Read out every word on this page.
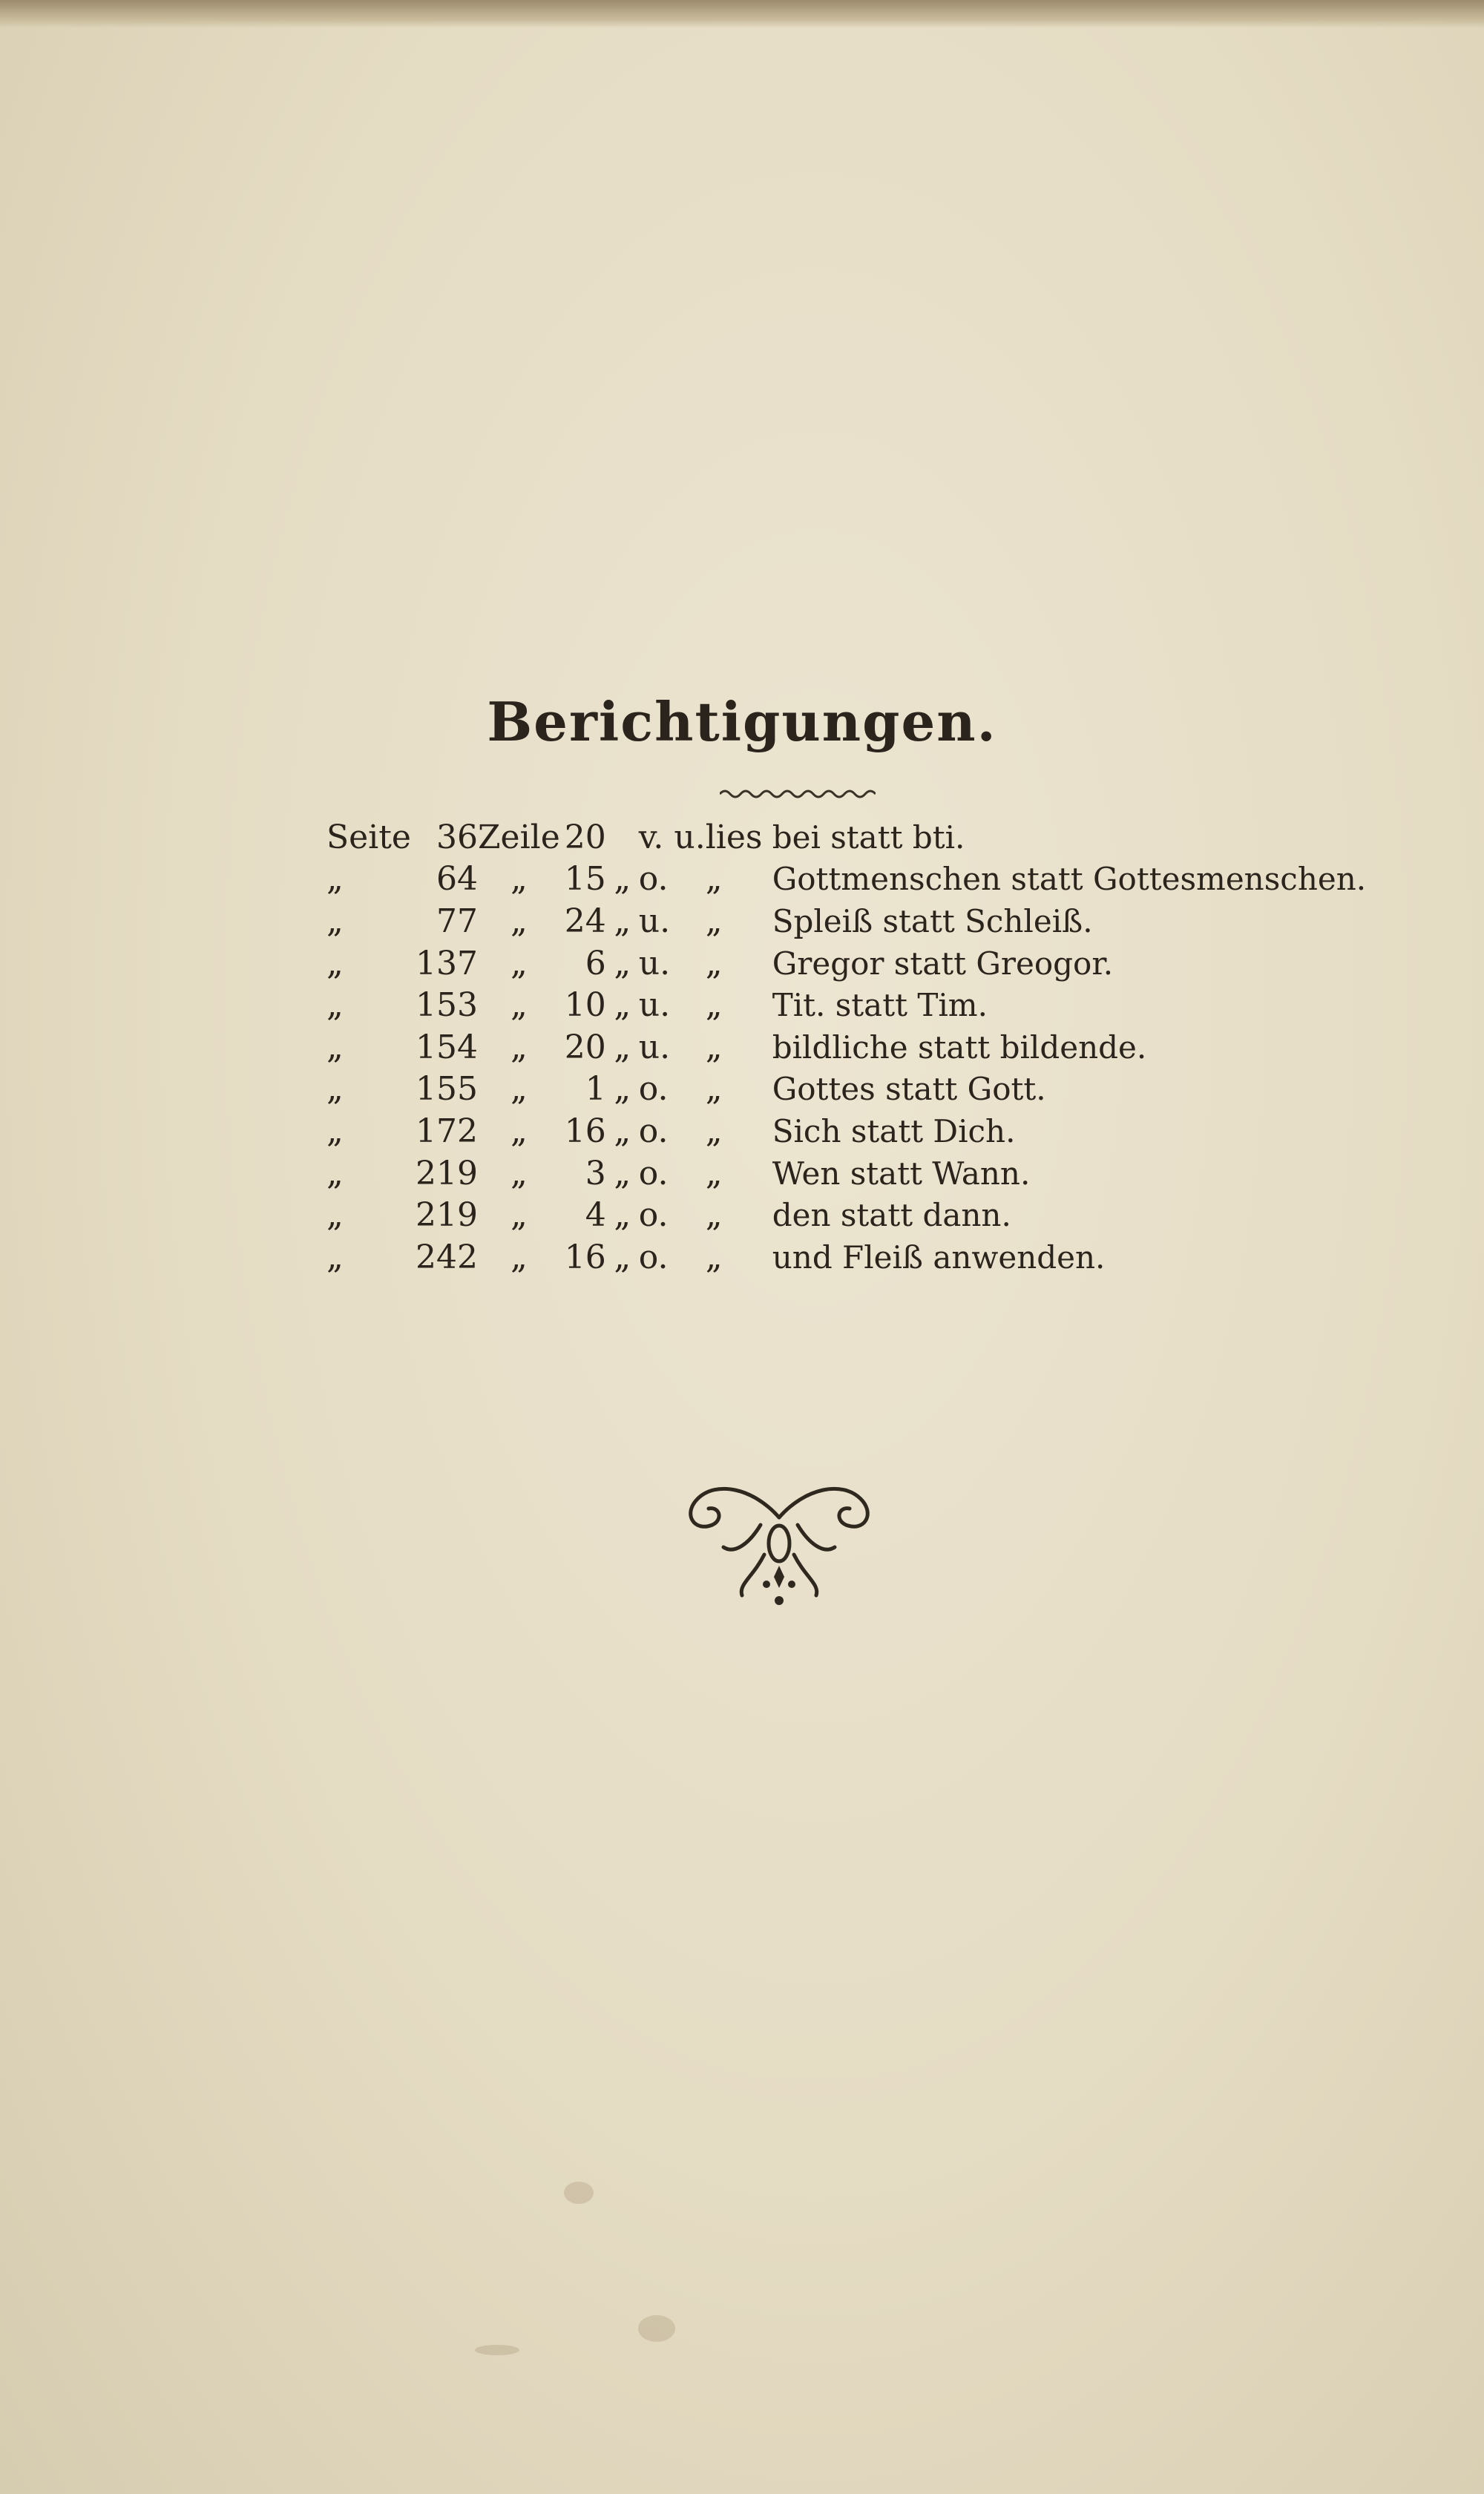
Berichtigungen.
Seite	36	Zeile	20		v. u.	lies	bei statt bti.
„	64	„	15	„	o.	„	Gottmenschen statt Gottesmenschen.
„	77	„	24	„	u.	„	Spleiß statt Schleiß.
„	137	„	6	„	u.	„	Gregor statt Greogor.
„	153	„	10	„	u.	„	Tit. statt Tim.
„	154	„	20	„	u.	„	bildliche statt bildende.
„	155	„	1	„	o.	„	Gottes statt Gott.
„	172	„	16	„	o.	„	Sich statt Dich.
„	219	„	3	„	o.	„	Wen statt Wann.
„	219	„	4	„	o.	„	den statt dann.
„	242	„	16	„	o.	„	und Fleiß anwenden.
